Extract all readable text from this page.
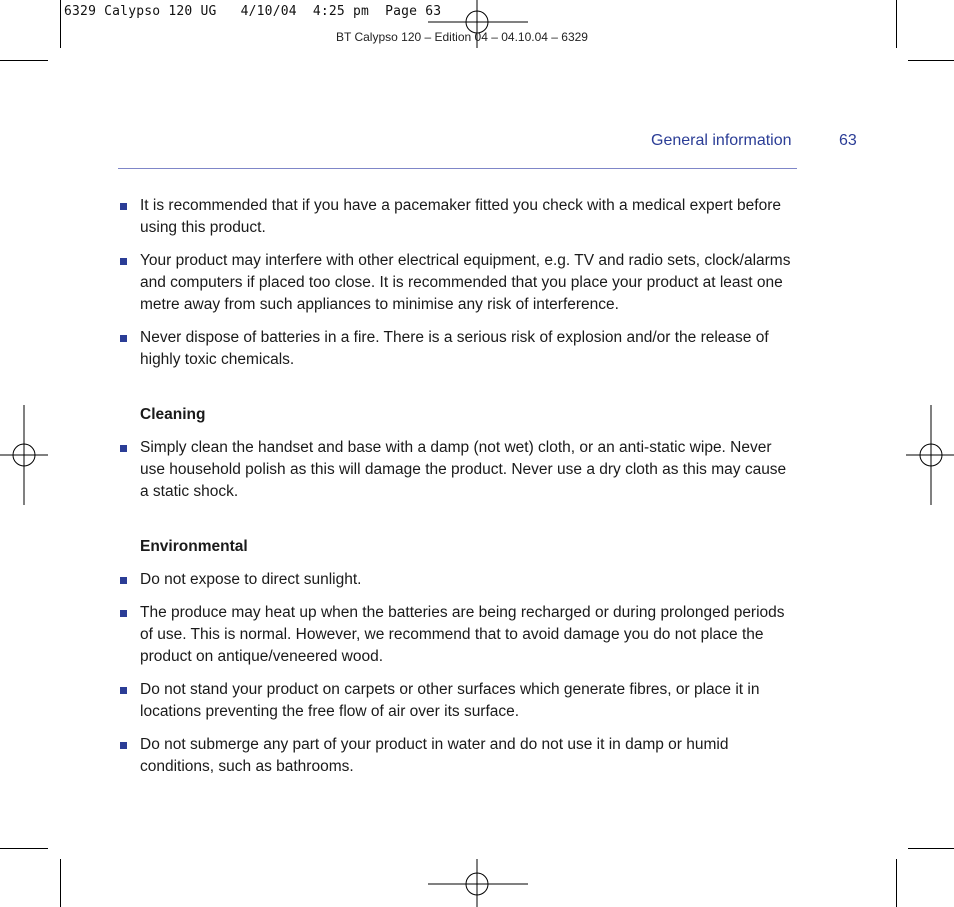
6329 Calypso 120 UG   4/10/04  4:25 pm  Page 63
BT Calypso 120 – Edition 04 – 04.10.04 – 6329
General information	63
It is recommended that if you have a pacemaker fitted you check with a medical expert before using this product.
Your product may interfere with other electrical equipment, e.g. TV and radio sets, clock/alarms and computers if placed too close. It is recommended that you place your product at least one metre away from such appliances to minimise any risk of interference.
Never dispose of batteries in a fire. There is a serious risk of explosion and/or the release of highly toxic chemicals.
Cleaning
Simply clean the handset and base with a damp (not wet) cloth, or an anti-static wipe. Never use household polish as this will damage the product. Never use a dry cloth as this may cause a static shock.
Environmental
Do not expose to direct sunlight.
The produce may heat up when the batteries are being recharged or during prolonged periods of use. This is normal. However, we recommend that to avoid damage you do not place the product on antique/veneered wood.
Do not stand your product on carpets or other surfaces which generate fibres, or place it in locations preventing the free flow of air over its surface.
Do not submerge any part of your product in water and do not use it in damp or humid conditions, such as bathrooms.
